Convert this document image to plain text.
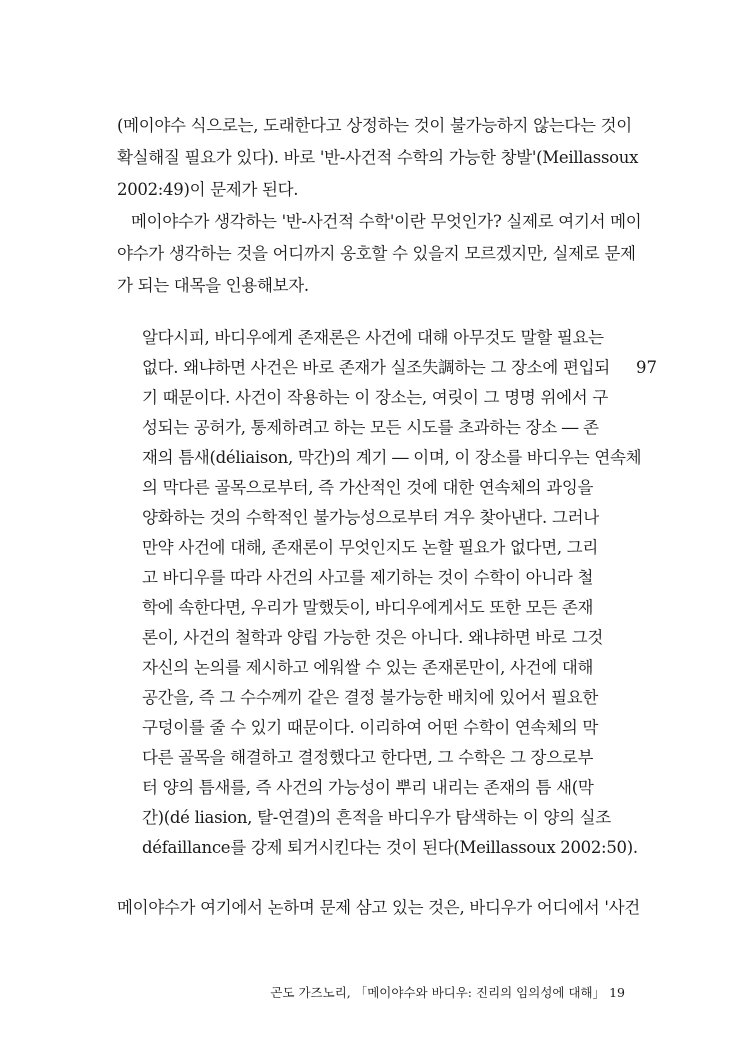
(메이야수 식으로는, 도래한다고 상정하는 것이 불가능하지 않는다는 것이
확실해질 필요가 있다). 바로 '반-사건적 수학의 가능한 창발'(Meillassoux
2002:49)이 문제가 된다.
메이야수가 생각하는 '반-사건적 수학'이란 무엇인가? 실제로 여기서 메이
야수가 생각하는 것을 어디까지 옹호할 수 있을지 모르겠지만, 실제로 문제
가 되는 대목을 인용해보자.
알다시피, 바디우에게 존재론은 사건에 대해 아무것도 말할 필요는
없다. 왜냐하면 사건은 바로 존재가 실조失調하는 그 장소에 편입되
기 때문이다. 사건이 작용하는 이 장소는, 여릿이 그 명명 위에서 구
성되는 공허가, 통제하려고 하는 모든 시도를 초과하는 장소 ― 존
재의 틈새(déliaison, 막간)의 계기 ― 이며, 이 장소를 바디우는 연속체
의 막다른 골목으로부터, 즉 가산적인 것에 대한 연속체의 과잉을
양화하는 것의 수학적인 불가능성으로부터 겨우 찾아낸다. 그러나
만약 사건에 대해, 존재론이 무엇인지도 논할 필요가 없다면, 그리
고 바디우를 따라 사건의 사고를 제기하는 것이 수학이 아니라 철
학에 속한다면, 우리가 말했듯이, 바디우에게서도 또한 모든 존재
론이, 사건의 철학과 양립 가능한 것은 아니다. 왜냐하면 바로 그것
자신의 논의를 제시하고 에워쌀 수 있는 존재론만이, 사건에 대해
공간을, 즉 그 수수께끼 같은 결정 불가능한 배치에 있어서 필요한
구덩이를 줄 수 있기 때문이다. 이리하여 어떤 수학이 연속체의 막
다른 골목을 해결하고 결정했다고 한다면, 그 수학은 그 장으로부
터 양의 틈새를, 즉 사건의 가능성이 뿌리 내리는 존재의 틈 새(막
간)(dé liasion, 탈-연결)의 흔적을 바디우가 탐색하는 이 양의 실조
défaillance를 강제 퇴거시킨다는 것이 된다(Meillassoux 2002:50).
97
메이야수가 여기에서 논하며 문제 삼고 있는 것은, 바디우가 어디에서 '사건
곤도 가즈노리, 「메이야수와 바디우: 진리의 임의성에 대해」 19
